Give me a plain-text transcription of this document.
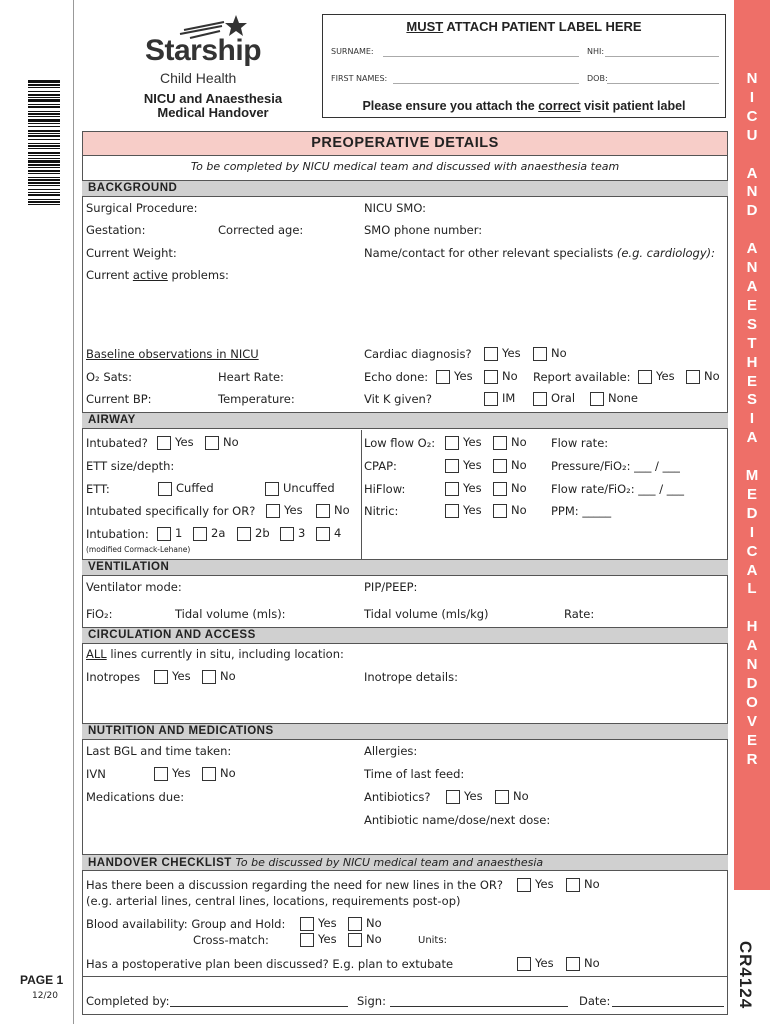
PAGE 1
12/20
Starship
Child Health
NICU and Anaesthesia
Medical Handover
MUST ATTACH PATIENT LABEL HERE
SURNAME:	NHI:
FIRST NAMES:	DOB:
Please ensure you attach the correct visit patient label
N
I
C
U

A
N
D

A
N
A
E
S
T
H
E
S
I
A

M
E
D
I
C
A
L

H
A
N
D
O
V
E
R
CR4124
PREOPERATIVE DETAILS
To be completed by NICU medical team and discussed with anaesthesia team
BACKGROUND
Surgical Procedure:	NICU SMO:
Gestation:	Corrected age:	SMO phone number:
Current Weight:	Name/contact for other relevant specialists (e.g. cardiology):
Current active problems:
Baseline observations in NICU	Cardiac diagnosis?	Yes	No
O₂ Sats:	Heart Rate:	Echo done:	Yes	No Report available:	Yes	No
Current BP:	Temperature:	Vit K given?	IM	Oral	None
AIRWAY
Intubated?	Yes	No	Low flow O₂:	Yes	No Flow rate:
ETT size/depth:	CPAP:	Yes	No Pressure/FiO₂: ___ / ___
ETT:	Cuffed	Uncuffed	HiFlow:	Yes	No Flow rate/FiO₂: ___ / ___
Intubated specifically for OR?	Yes	No Nitric:	Yes	No PPM: _____
Intubation:	1	2a	2b	3	4
(modified Cormack-Lehane)
VENTILATION
Ventilator mode:	PIP/PEEP:
FiO₂:	Tidal volume (mls):	Tidal volume (mls/kg)	Rate:
CIRCULATION AND ACCESS
ALL lines currently in situ, including location:
Inotropes	Yes	No	Inotrope details:
NUTRITION AND MEDICATIONS
Last BGL and time taken:	Allergies:
IVN	Yes	No	Time of last feed:
Medications due:	Antibiotics?	Yes	No
Antibiotic name/dose/next dose:
HANDOVER CHECKLIST To be discussed by NICU medical team and anaesthesia
Has there been a discussion regarding the need for new lines in the OR?	Yes	No
(e.g. arterial lines, central lines, locations, requirements post-op)
Blood availability: Group and Hold:	Yes	No
Cross-match:	Yes	No	Units:
Has a postoperative plan been discussed? E.g. plan to extubate	Yes	No
Completed by:	Sign:	Date:
